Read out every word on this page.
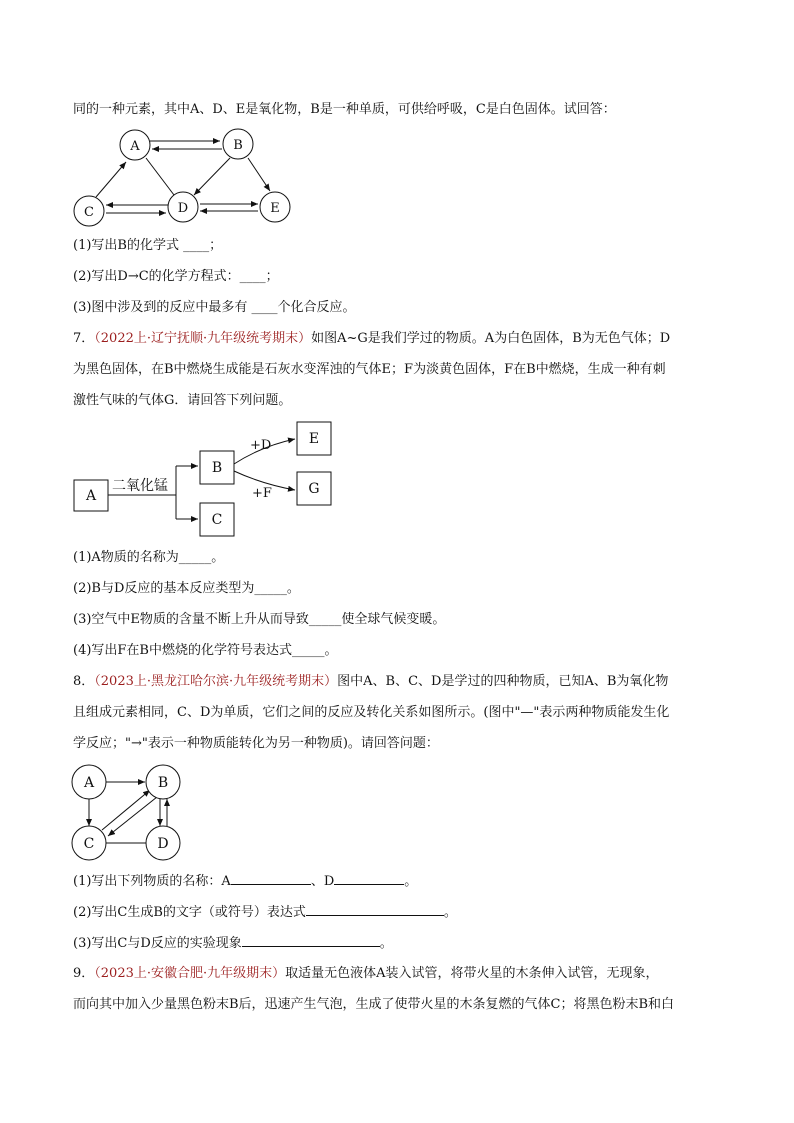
同的一种元素，其中A、D、E是氧化物，B是一种单质，可供给呼吸，C是白色固体。试回答：
A	B
C	D	E
(1)写出B的化学式 ____；
(2)写出D→C的化学方程式：____；
(3)图中涉及到的反应中最多有 ____个化合反应。
7．（2022上·辽宁抚顺·九年级统考期末）如图A~G是我们学过的物质。A为白色固体，B为无色气体；D
为黑色固体，在B中燃烧生成能是石灰水变浑浊的气体E；F为淡黄色固体，F在B中燃烧，生成一种有刺
激性气味的气体G．请回答下列问题。
A
B
C
E
G
二氧化锰
+D
+F
(1)A物质的名称为_____。
(2)B与D反应的基本反应类型为_____。
(3)空气中E物质的含量不断上升从而导致_____使全球气候变暖。
(4)写出F在B中燃烧的化学符号表达式_____。
8．（2023上·黑龙江哈尔滨·九年级统考期末）图中A、B、C、D是学过的四种物质，已知A、B为氧化物
且组成元素相同，C、D为单质，它们之间的反应及转化关系如图所示。(图中"—"表示两种物质能发生化
学反应；"→"表示一种物质能转化为另一种物质)。请回答问题：
A	B
C	D
(1)写出下列物质的名称：A	、D	。
(2)写出C生成B的文字（或符号）表达式	。
(3)写出C与D反应的实验现象	。
9．（2023上·安徽合肥·九年级期末）取适量无色液体A装入试管，将带火星的木条伸入试管，无现象，
而向其中加入少量黑色粉末B后，迅速产生气泡，生成了使带火星的木条复燃的气体C；将黑色粉末B和白
